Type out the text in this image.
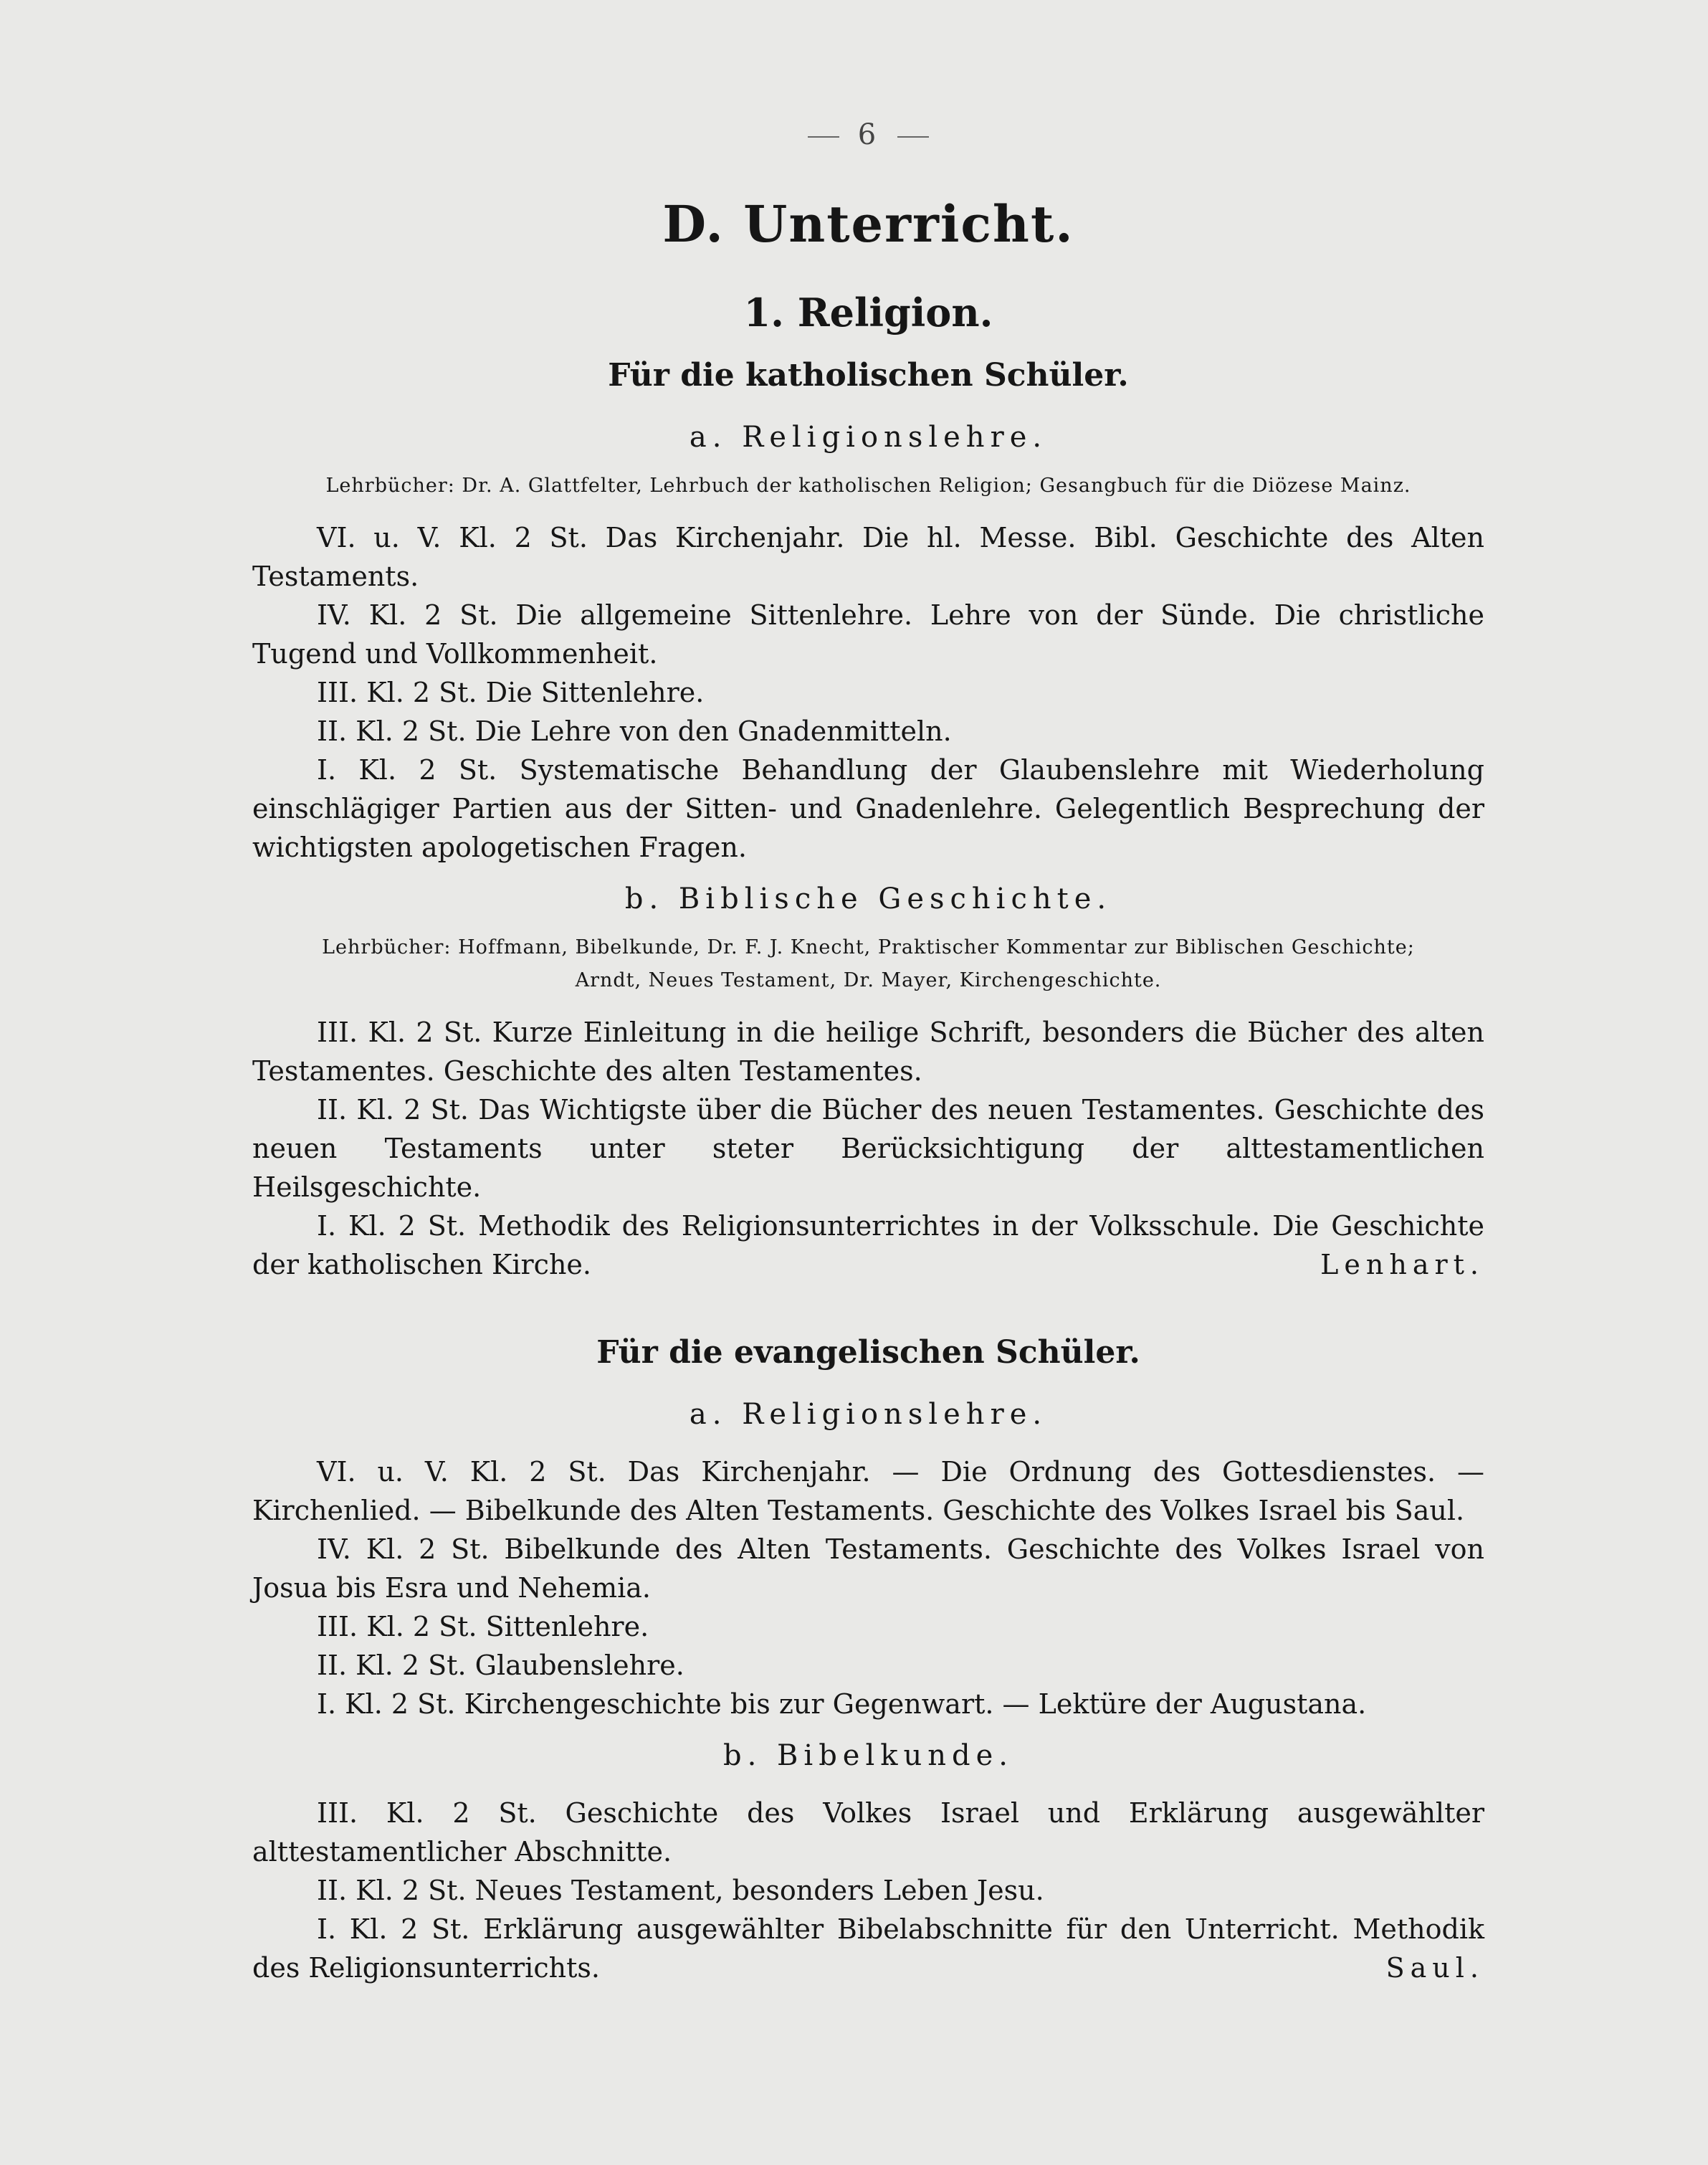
6
D. Unterricht.
1. Religion.
Für die katholischen Schüler.
a. Religionslehre.
Lehrbücher: Dr. A. Glattfelter, Lehrbuch der katholischen Religion; Gesangbuch für die Diözese Mainz.

VI. u. V. Kl. 2 St. Das Kirchenjahr. Die hl. Messe. Bibl. Geschichte des Alten Testaments.

IV. Kl. 2 St. Die allgemeine Sittenlehre. Lehre von der Sünde. Die christliche Tugend und Vollkommenheit.

III. Kl. 2 St. Die Sittenlehre.

II. Kl. 2 St. Die Lehre von den Gnadenmitteln.

I. Kl. 2 St. Systematische Behandlung der Glaubenslehre mit Wiederholung einschlägiger Partien aus der Sitten- und Gnadenlehre. Gelegentlich Besprechung der wichtigsten apologetischen Fragen.

b. Biblische Geschichte.
Lehrbücher: Hoffmann, Bibelkunde, Dr. F. J. Knecht, Praktischer Kommentar zur Biblischen Geschichte;
Arndt, Neues Testament, Dr. Mayer, Kirchengeschichte.

III. Kl. 2 St. Kurze Einleitung in die heilige Schrift, besonders die Bücher des alten Testamentes. Geschichte des alten Testamentes.

II. Kl. 2 St. Das Wichtigste über die Bücher des neuen Testamentes. Geschichte des neuen Testaments unter steter Berücksichtigung der alttestamentlichen Heilsgeschichte.

I. Kl. 2 St. Methodik des Religionsunterrichtes in der Volksschule. Die Geschichte der katholischen Kirche.	Lenhart.
Für die evangelischen Schüler.
a. Religionslehre.

VI. u. V. Kl. 2 St. Das Kirchenjahr. — Die Ordnung des Gottesdienstes. — Kirchenlied. — Bibelkunde des Alten Testaments. Geschichte des Volkes Israel bis Saul.

IV. Kl. 2 St. Bibelkunde des Alten Testaments. Geschichte des Volkes Israel von Josua bis Esra und Nehemia.

III. Kl. 2 St. Sittenlehre.

II. Kl. 2 St. Glaubenslehre.

I. Kl. 2 St. Kirchengeschichte bis zur Gegenwart. — Lektüre der Augustana.

b. Bibelkunde.

III. Kl. 2 St. Geschichte des Volkes Israel und Erklärung ausgewählter alttestamentlicher Abschnitte.

II. Kl. 2 St. Neues Testament, besonders Leben Jesu.

I. Kl. 2 St. Erklärung ausgewählter Bibelabschnitte für den Unterricht. Methodik des Religionsunterrichts.	Saul.
